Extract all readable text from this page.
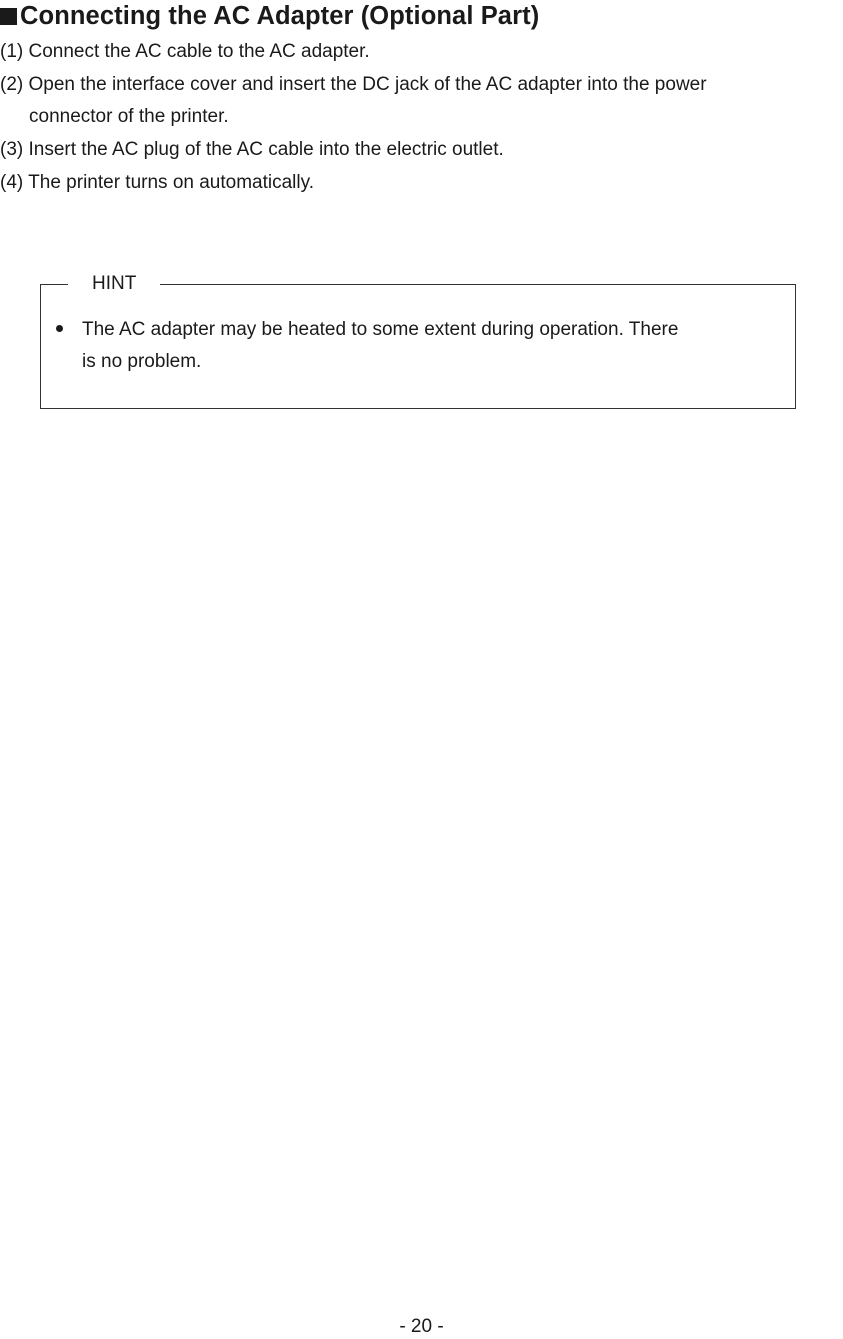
Connecting the AC Adapter (Optional Part)
(1) Connect the AC cable to the AC adapter.
(2) Open the interface cover and insert the DC jack of the AC adapter into the power
connector of the printer.
(3) Insert the AC plug of the AC cable into the electric outlet.
(4) The printer turns on automatically.
HINT
The AC adapter may be heated to some extent during operation. There
is no problem.
- 20 -
